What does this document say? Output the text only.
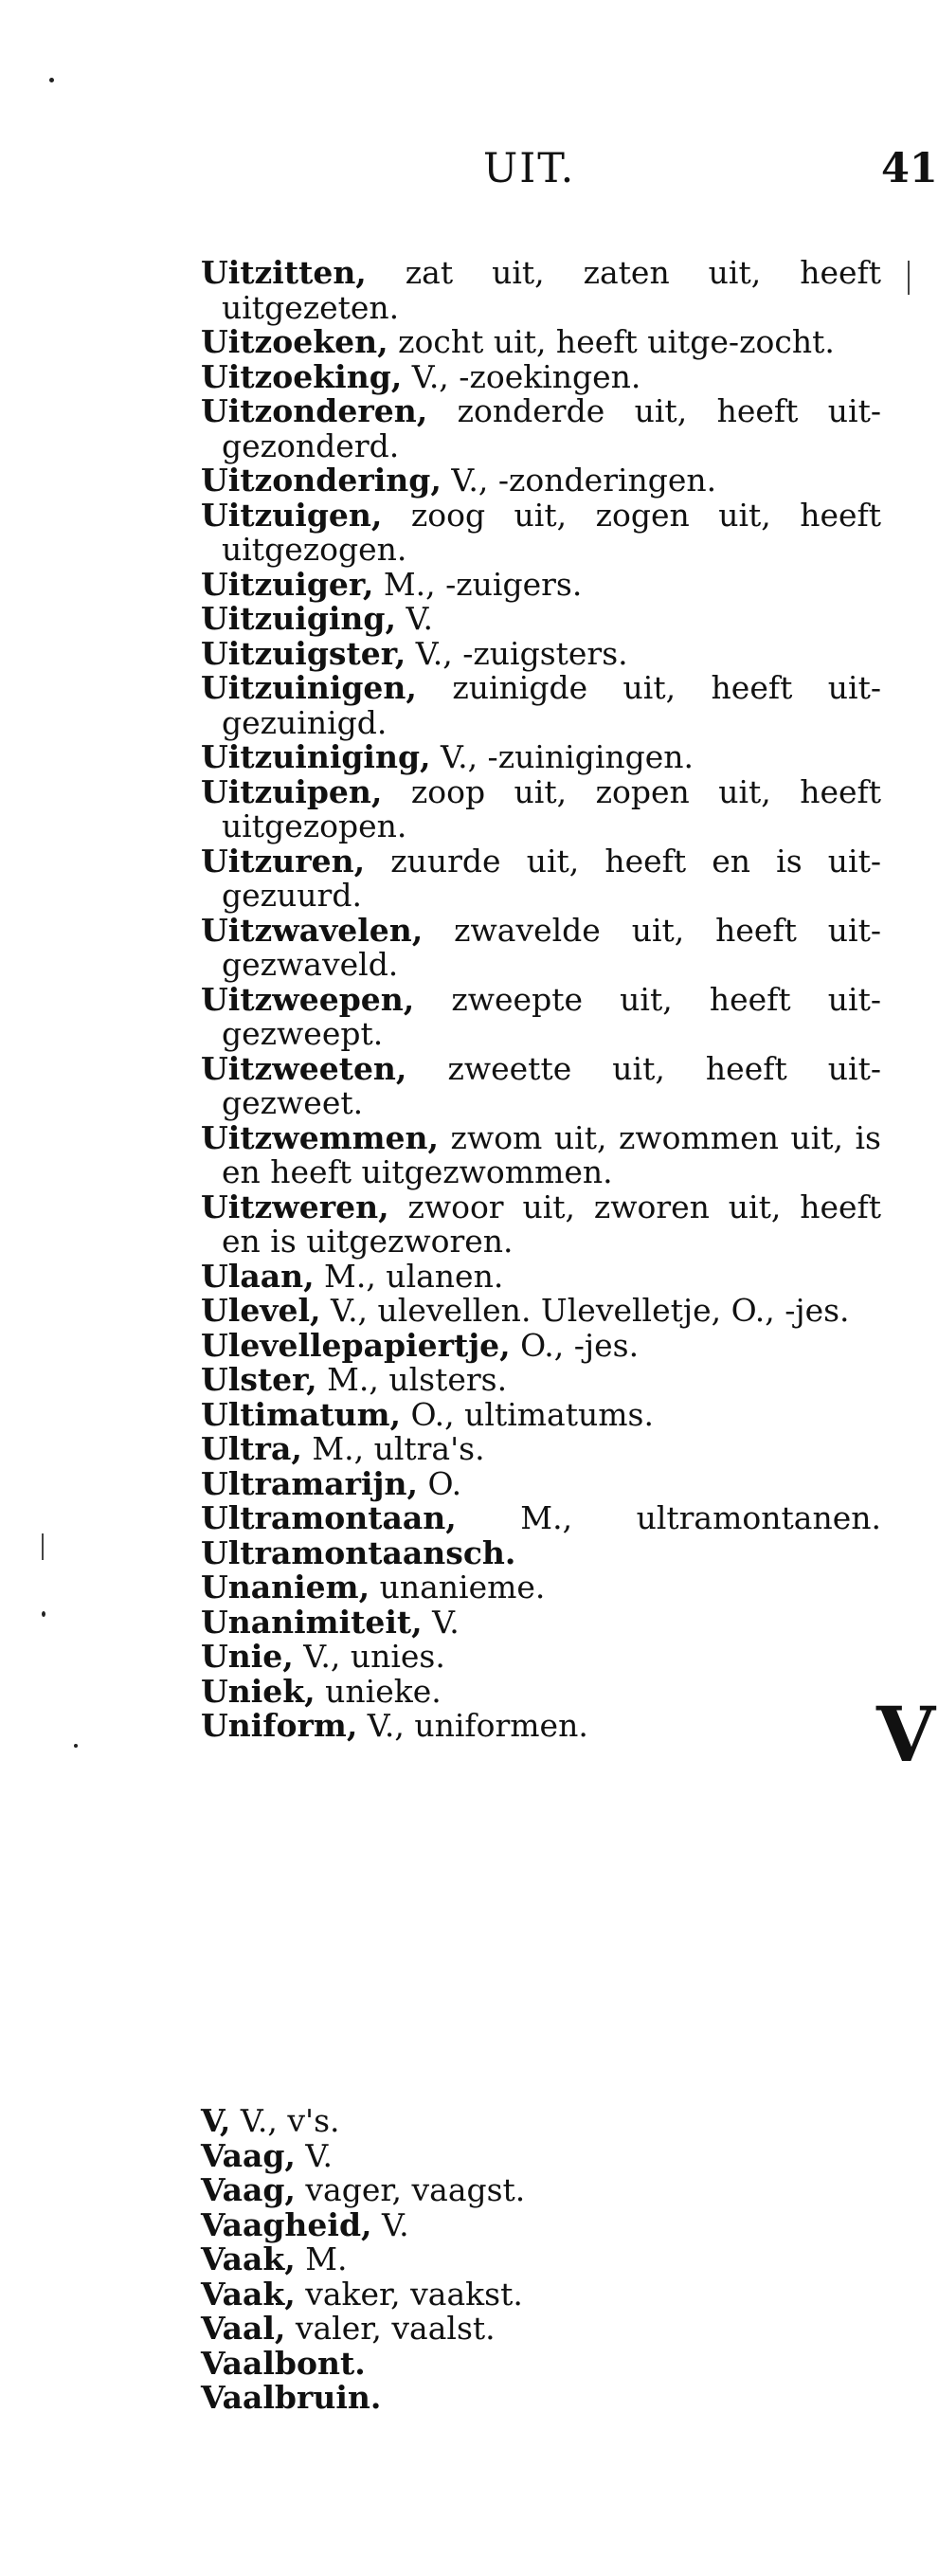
UIT.	41
Uitzitten, zat uit, zaten uit, heeft uitgezeten.
Uitzoeken, zocht uit, heeft uitge-zocht.
Uitzoeking, V., -zoekingen.
Uitzonderen, zonderde uit, heeft uit-gezonderd.
Uitzondering, V., -zonderingen.
Uitzuigen, zoog uit, zogen uit, heeft uitgezogen.
Uitzuiger, M., -zuigers.
Uitzuiging, V.
Uitzuigster, V., -zuigsters.
Uitzuinigen, zuinigde uit, heeft uit-gezuinigd.
Uitzuiniging, V., -zuinigingen.
Uitzuipen, zoop uit, zopen uit, heeft uitgezopen.
Uitzuren, zuurde uit, heeft en is uit-gezuurd.
Uitzwavelen, zwavelde uit, heeft uit-gezwaveld.
Uitzweepen, zweepte uit, heeft uit-gezweept.
Uitzweeten, zweette uit, heeft uit-gezweet.
Uitzwemmen, zwom uit, zwommen uit, is en heeft uitgezwommen.
Uitzweren, zwoor uit, zworen uit, heeft en is uitgezworen.
Ulaan, M., ulanen.
Ulevel, V., ulevellen. Ulevelletje, O., -jes.
Ulevellepapiertje, O., -jes.
Ulster, M., ulsters.
Ultimatum, O., ultimatums.
Ultra, M., ultra's.
Ultramarijn, O.
Ultramontaan, M., ultramontanen.
Ultramontaansch.
Unaniem, unanieme.
Unanimiteit, V.
Unie, V., unies.
Uniek, unieke.
Uniform, V., uniformen.	V
V, V., v's.
Vaag, V.
Vaag, vager, vaagst.
Vaagheid, V.
Vaak, M.
Vaak, vaker, vaakst.
Vaal, valer, vaalst.
Vaalbont.
Vaalbruin.
